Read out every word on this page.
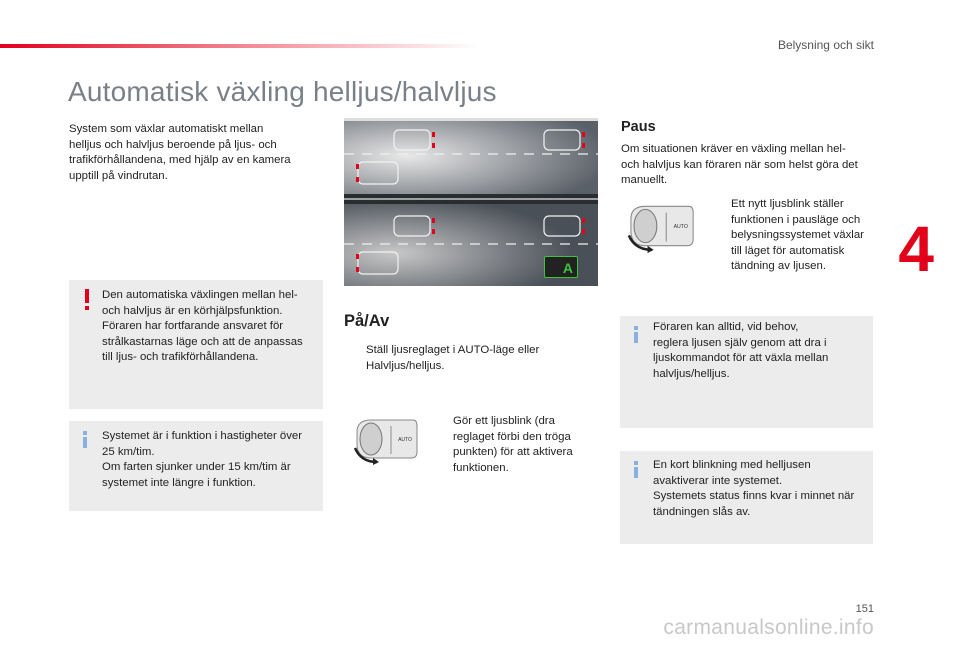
Belysning och sikt
Automatisk växling helljus/halvljus
System som växlar automatiskt mellan
helljus och halvljus beroende på ljus- och
trafikförhållandena, med hjälp av en kamera
upptill på vindrutan.
Den automatiska växlingen mellan hel-
och halvljus är en körhjälpsfunktion.
Föraren har fortfarande ansvaret för
strålkastarnas läge och att de anpassas
till ljus- och trafikförhållandena.
Systemet är i funktion i hastigheter över
25 km/tim.
Om farten sjunker under 15 km/tim är
systemet inte längre i funktion.
A
På/Av
Ställ ljusreglaget i AUTO-läge eller
Halvljus/helljus.
AUTO
Gör ett ljusblink (dra
reglaget förbi den tröga
punkten) för att aktivera
funktionen.
Paus
Om situationen kräver en växling mellan hel-
och halvljus kan föraren när som helst göra det
manuellt.
AUTO
Ett nytt ljusblink ställer
funktionen i pausläge och
belysningssystemet växlar
till läget för automatisk
tändning av ljusen.
Föraren kan alltid, vid behov,
reglera ljusen själv genom att dra i
ljuskommandot för att växla mellan
halvljus/helljus.
En kort blinkning med helljusen
avaktiverar inte systemet.
Systemets status finns kvar i minnet när
tändningen slås av.
4
151
carmanualsonline.info
